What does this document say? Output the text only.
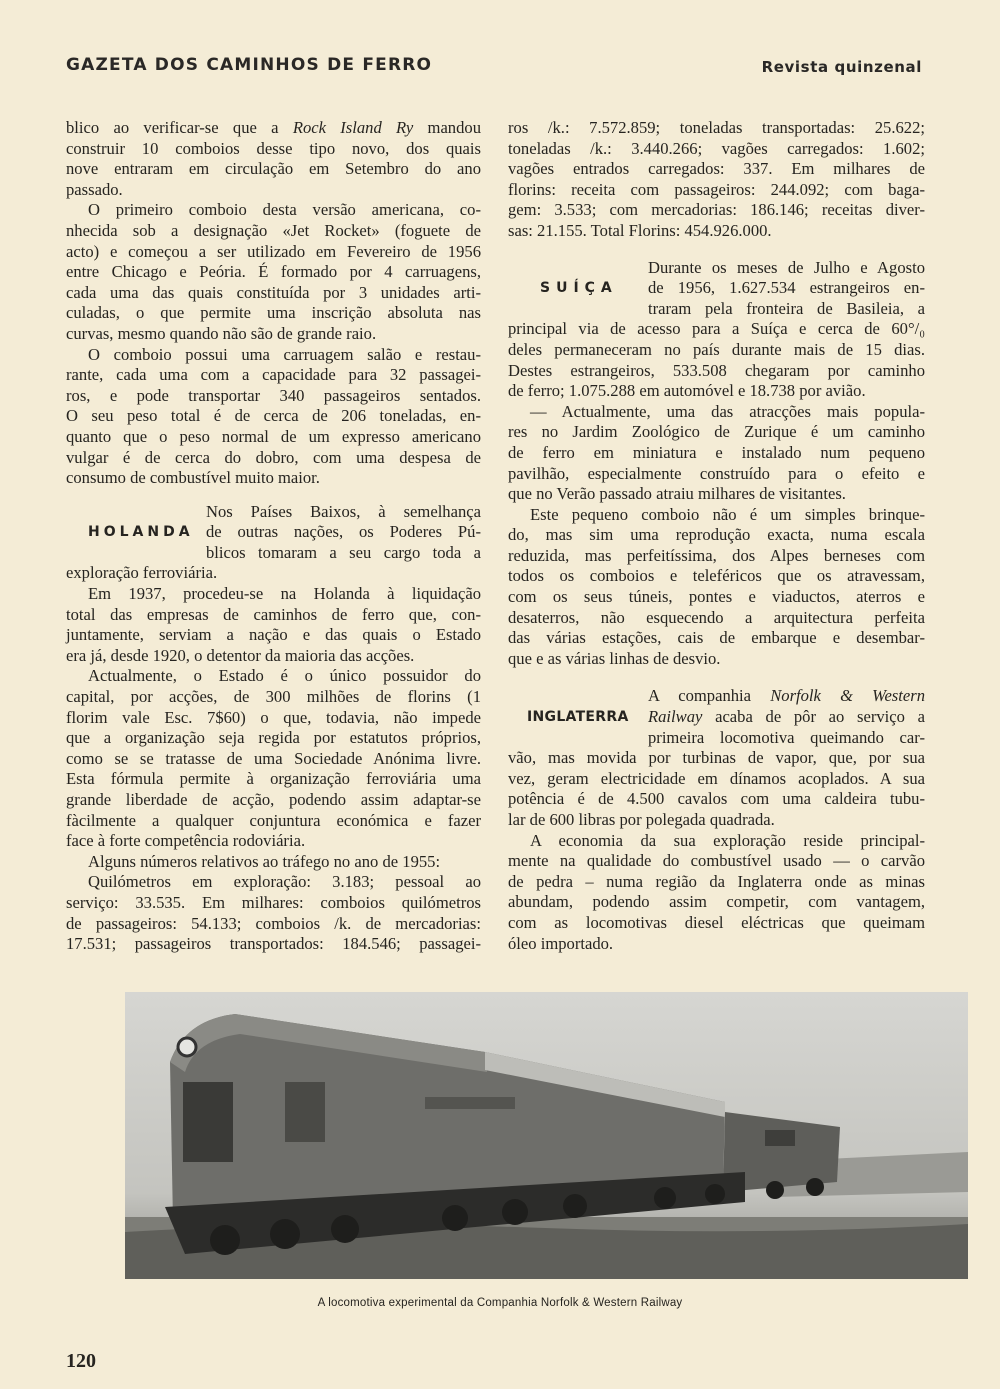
GAZETA DOS CAMINHOS DE FERRO	Revista quinzenal
blico ao verificar-se que a Rock Island Ry mandou
construir 10 comboios desse tipo novo, dos quais
nove entraram em circulação em Setembro do ano
passado.
O primeiro comboio desta versão americana, co-
nhecida sob a designação «Jet Rocket» (foguete de
acto) e começou a ser utilizado em Fevereiro de 1956
entre Chicago e Peória. É formado por 4 carruagens,
cada uma das quais constituída por 3 unidades arti-
culadas, o que permite uma inscrição absoluta nas
curvas, mesmo quando não são de grande raio.
O comboio possui uma carruagem salão e restau-
rante, cada uma com a capacidade para 32 passagei-
ros, e pode transportar 340 passageiros sentados.
O seu peso total é de cerca de 206 toneladas, en-
quanto que o peso normal de um expresso americano
vulgar é de cerca do dobro, com uma despesa de
consumo de combustível muito maior.
HOLANDA
Nos Países Baixos, à semelhança
de outras nações, os Poderes Pú-
blicos tomaram a seu cargo toda a
exploração ferroviária.
Em 1937, procedeu-se na Holanda à liquidação
total das empresas de caminhos de ferro que, con-
juntamente, serviam a nação e das quais o Estado
era já, desde 1920, o detentor da maioria das acções.
Actualmente, o Estado é o único possuidor do
capital, por acções, de 300 milhões de florins (1
florim vale Esc. 7$60) o que, todavia, não impede
que a organização seja regida por estatutos próprios,
como se se tratasse de uma Sociedade Anónima livre.
Esta fórmula permite à organização ferroviária uma
grande liberdade de acção, podendo assim adaptar-se
fàcilmente a qualquer conjuntura económica e fazer
face à forte competência rodoviária.
Alguns números relativos ao tráfego no ano de 1955:
Quilómetros em exploração: 3.183; pessoal ao
serviço: 33.535. Em milhares: comboios quilómetros
de passageiros: 54.133; comboios /k. de mercadorias:
17.531; passageiros transportados: 184.546; passagei-
ros /k.: 7.572.859; toneladas transportadas: 25.622;
toneladas /k.: 3.440.266; vagões carregados: 1.602;
vagões entrados carregados: 337. Em milhares de
florins: receita com passageiros: 244.092; com baga-
gem: 3.533; com mercadorias: 186.146; receitas diver-
sas: 21.155. Total Florins: 454.926.000.
SUÍÇA
Durante os meses de Julho e Agosto
de 1956, 1.627.534 estrangeiros en-
traram pela fronteira de Basileia, a
principal via de acesso para a Suíça e cerca de 60°/₀
deles permaneceram no país durante mais de 15 dias.
Destes estrangeiros, 533.508 chegaram por caminho
de ferro; 1.075.288 em automóvel e 18.738 por avião.
— Actualmente, uma das atracções mais popula-
res no Jardim Zoológico de Zurique é um caminho
de ferro em miniatura e instalado num pequeno
pavilhão, especialmente construído para o efeito e
que no Verão passado atraiu milhares de visitantes.
Este pequeno comboio não é um simples brinque-
do, mas sim uma reprodução exacta, numa escala
reduzida, mas perfeitíssima, dos Alpes berneses com
todos os comboios e teleféricos que os atravessam,
com os seus túneis, pontes e viaductos, aterros e
desaterros, não esquecendo a arquitectura perfeita
das várias estações, cais de embarque e desembar-
que e as várias linhas de desvio.
INGLATERRA
A companhia Norfolk & Western
Railway acaba de pôr ao serviço a
primeira locomotiva queimando car-
vão, mas movida por turbinas de vapor, que, por sua
vez, geram electricidade em dínamos acoplados. A sua
potência é de 4.500 cavalos com uma caldeira tubu-
lar de 600 libras por polegada quadrada.
A economia da sua exploração reside principal-
mente na qualidade do combustível usado — o carvão
de pedra – numa região da Inglaterra onde as minas
abundam, podendo assim competir, com vantagem,
com as locomotivas diesel eléctricas que queimam
óleo importado.
A locomotiva experimental da Companhia Norfolk & Western Railway
120
